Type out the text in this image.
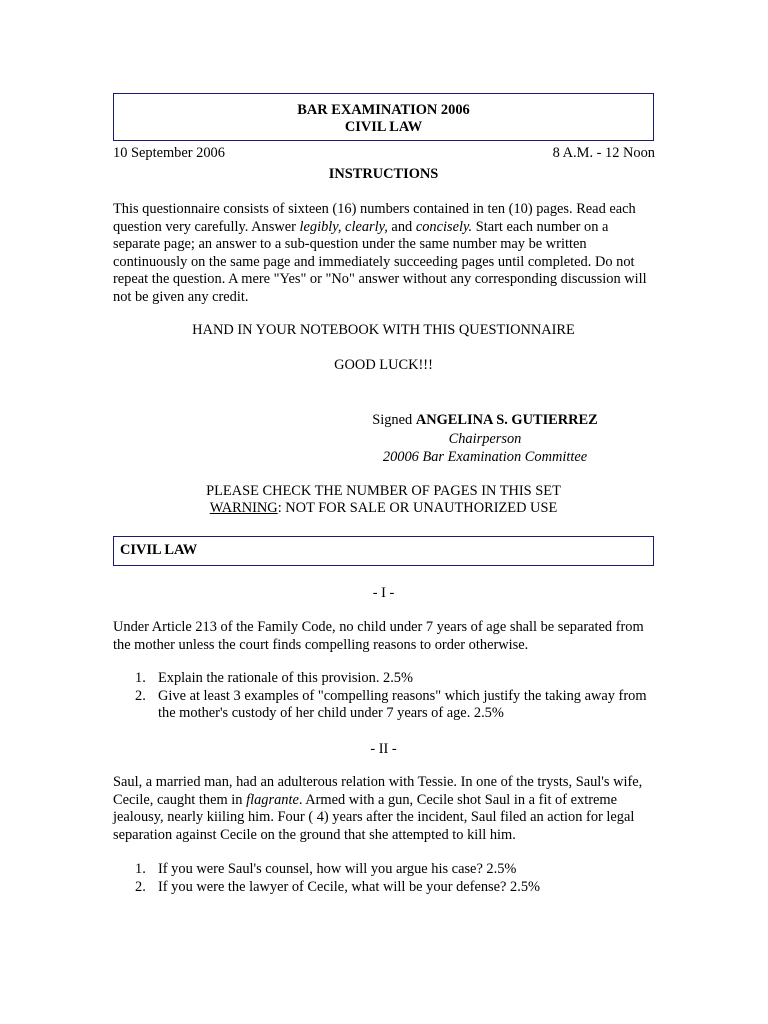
BAR EXAMINATION 2006
CIVIL LAW
10 September 2006	8 A.M. - 12 Noon
INSTRUCTIONS
This questionnaire consists of sixteen (16) numbers contained in ten (10) pages. Read each question very carefully. Answer legibly, clearly, and concisely. Start each number on a separate page; an answer to a sub-question under the same number may be written continuously on the same page and immediately succeeding pages until completed. Do not repeat the question. A mere "Yes" or "No" answer without any corresponding discussion will not be given any credit.
HAND IN YOUR NOTEBOOK WITH THIS QUESTIONNAIRE
GOOD LUCK!!!
Signed ANGELINA S. GUTIERREZ
Chairperson
20006 Bar Examination Committee
PLEASE CHECK THE NUMBER OF PAGES IN THIS SET
WARNING: NOT FOR SALE OR UNAUTHORIZED USE
CIVIL LAW
- I -
Under Article 213 of the Family Code, no child under 7 years of age shall be separated from the mother unless the court finds compelling reasons to order otherwise.
1. Explain the rationale of this provision. 2.5%
2. Give at least 3 examples of "compelling reasons" which justify the taking away from the mother's custody of her child under 7 years of age. 2.5%
- II -
Saul, a married man, had an adulterous relation with Tessie. In one of the trysts, Saul's wife, Cecile, caught them in flagrante. Armed with a gun, Cecile shot Saul in a fit of extreme jealousy, nearly kiiling him. Four ( 4) years after the incident, Saul filed an action for legal separation against Cecile on the ground that she attempted to kill him.
1. If you were Saul's counsel, how will you argue his case? 2.5%
2. If you were the lawyer of Cecile, what will be your defense? 2.5%
